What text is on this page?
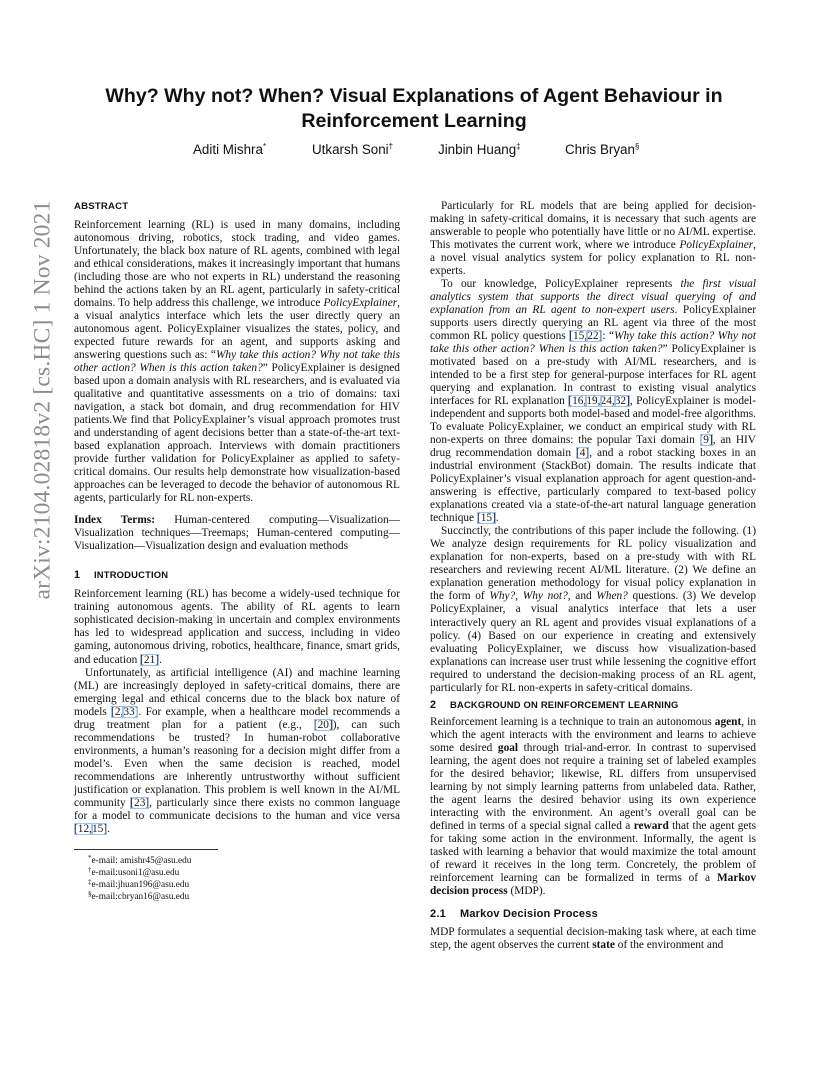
Why? Why not? When? Visual Explanations of Agent Behaviour in Reinforcement Learning
Aditi Mishra*	Utkarsh Soni†	Jinbin Huang‡	Chris Bryan§
arXiv:2104.02818v2 [cs.HC] 1 Nov 2021 ABSTRACT

Reinforcement learning (RL) is used in many domains, including autonomous driving, robotics, stock trading, and video games. Unfortunately, the black box nature of RL agents, combined with legal and ethical considerations, makes it increasingly important that humans (including those are who not experts in RL) understand the reasoning behind the actions taken by an RL agent, particularly in safety-critical domains. To help address this challenge, we introduce PolicyExplainer, a visual analytics interface which lets the user directly query an autonomous agent. PolicyExplainer visualizes the states, policy, and expected future rewards for an agent, and supports asking and answering questions such as: “Why take this action? Why not take this other action? When is this action taken?” PolicyExplainer is designed based upon a domain analysis with RL researchers, and is evaluated via qualitative and quantitative assessments on a trio of domains: taxi navigation, a stack bot domain, and drug recommendation for HIV patients.We find that PolicyExplainer’s visual approach promotes trust and understanding of agent decisions better than a state-of-the-art text-based explanation approach. Interviews with domain practitioners provide further validation for PolicyExplainer as applied to safety-critical domains. Our results help demonstrate how visualization-based approaches can be leveraged to decode the behavior of autonomous RL agents, particularly for RL non-experts.

Index Terms: Human-centered computing—Visualization—Visualization techniques—Treemaps; Human-centered computing—Visualization—Visualization design and evaluation methods

1 INTRODUCTION

Reinforcement learning (RL) has become a widely-used technique for training autonomous agents. The ability of RL agents to learn sophisticated decision-making in uncertain and complex environments has led to widespread application and success, including in video gaming, autonomous driving, robotics, healthcare, finance, smart grids, and education [21].

Unfortunately, as artificial intelligence (AI) and machine learning (ML) are increasingly deployed in safety-critical domains, there are emerging legal and ethical concerns due to the black box nature of models [2,33]. For example, when a healthcare model recommends a drug treatment plan for a patient (e.g., [20]), can such recommendations be trusted? In human-robot collaborative environments, a human’s reasoning for a decision might differ from a model’s. Even when the same decision is reached, model recommendations are inherently untrustworthy without sufficient justification or explanation. This problem is well known in the AI/ML community [23], particularly since there exists no common language for a model to communicate decisions to the human and vice versa [12,15].

*e-mail: amishr45@asu.edu
†e-mail:usoni1@asu.edu
‡e-mail:jhuan196@asu.edu
§e-mail:cbryan16@asu.edu

Particularly for RL models that are being applied for decision-making in safety-critical domains, it is necessary that such agents are answerable to people who potentially have little or no AI/ML expertise. This motivates the current work, where we introduce PolicyExplainer, a novel visual analytics system for policy explanation to RL non-experts.

To our knowledge, PolicyExplainer represents the first visual analytics system that supports the direct visual querying of and explanation from an RL agent to non-expert users. PolicyExplainer supports users directly querying an RL agent via three of the most common RL policy questions [15,22]: “Why take this action? Why not take this other action? When is this action taken?” PolicyExplainer is motivated based on a pre-study with AI/ML researchers, and is intended to be a first step for general-purpose interfaces for RL agent querying and explanation. In contrast to existing visual analytics interfaces for RL explanation [16,19,24,32], PolicyExplainer is model-independent and supports both model-based and model-free algorithms. To evaluate PolicyExplainer, we conduct an empirical study with RL non-experts on three domains: the popular Taxi domain [9], an HIV drug recommendation domain [4], and a robot stacking boxes in an industrial environment (StackBot) domain. The results indicate that PolicyExplainer’s visual explanation approach for agent question-and-answering is effective, particularly compared to text-based policy explanations created via a state-of-the-art natural language generation technique [15].

Succinctly, the contributions of this paper include the following. (1) We analyze design requirements for RL policy visualization and explanation for non-experts, based on a pre-study with with RL researchers and reviewing recent AI/ML literature. (2) We define an explanation generation methodology for visual policy explanation in the form of Why?, Why not?, and When? questions. (3) We develop PolicyExplainer, a visual analytics interface that lets a user interactively query an RL agent and provides visual explanations of a policy. (4) Based on our experience in creating and extensively evaluating PolicyExplainer, we discuss how visualization-based explanations can increase user trust while lessening the cognitive effort required to understand the decision-making process of an RL agent, particularly for RL non-experts in safety-critical domains.

2 BACKGROUND ON REINFORCEMENT LEARNING

Reinforcement learning is a technique to train an autonomous agent, in which the agent interacts with the environment and learns to achieve some desired goal through trial-and-error. In contrast to supervised learning, the agent does not require a training set of labeled examples for the desired behavior; likewise, RL differs from unsupervised learning by not simply learning patterns from unlabeled data. Rather, the agent learns the desired behavior using its own experience interacting with the environment. An agent’s overall goal can be defined in terms of a special signal called a reward that the agent gets for taking some action in the environment. Informally, the agent is tasked with learning a behavior that would maximize the total amount of reward it receives in the long term. Concretely, the problem of reinforcement learning can be formalized in terms of a Markov decision process (MDP).

2.1 Markov Decision Process

MDP formulates a sequential decision-making task where, at each time step, the agent observes the current state of the environment and
